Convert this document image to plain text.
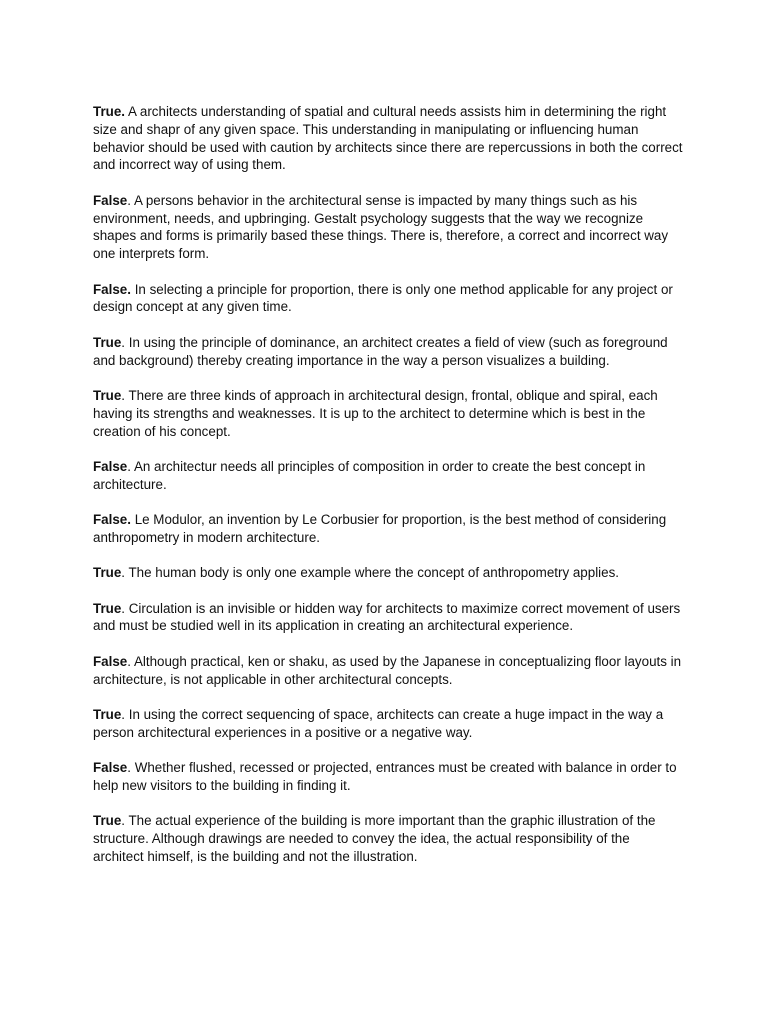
True. A architects understanding of spatial and cultural needs assists him in determining the right size and shapr of any given space. This understanding in manipulating or influencing human behavior should be used with caution by architects since there are repercussions in both the correct and incorrect way of using them.

False. A persons behavior in the architectural sense is impacted by many things such as his environment, needs, and upbringing. Gestalt psychology suggests that the way we recognize shapes and forms is primarily based these things. There is, therefore, a correct and incorrect way one interprets form.

False. In selecting a principle for proportion, there is only one method applicable for any project or design concept at any given time.

True. In using the principle of dominance, an architect creates a field of view (such as foreground and background) thereby creating importance in the way a person visualizes a building.

True. There are three kinds of approach in architectural design, frontal, oblique and spiral, each having its strengths and weaknesses. It is up to the architect to determine which is best in the creation of his concept.

False. An architectur needs all principles of composition in order to create the best concept in architecture.

False. Le Modulor, an invention by Le Corbusier for proportion, is the best method of considering anthropometry in modern architecture.

True. The human body is only one example where the concept of anthropometry applies.

True. Circulation is an invisible or hidden way for architects to maximize correct movement of users and must be studied well in its application in creating an architectural experience.

False. Although practical, ken or shaku, as used by the Japanese in conceptualizing floor layouts in architecture, is not applicable in other architectural concepts.

True. In using the correct sequencing of space, architects can create a huge impact in the way a person architectural experiences in a positive or a negative way.

False. Whether flushed, recessed or projected, entrances must be created with balance in order to help new visitors to the building in finding it.

True. The actual experience of the building is more important than the graphic illustration of the structure. Although drawings are needed to convey the idea, the actual responsibility of the architect himself, is the building and not the illustration.
